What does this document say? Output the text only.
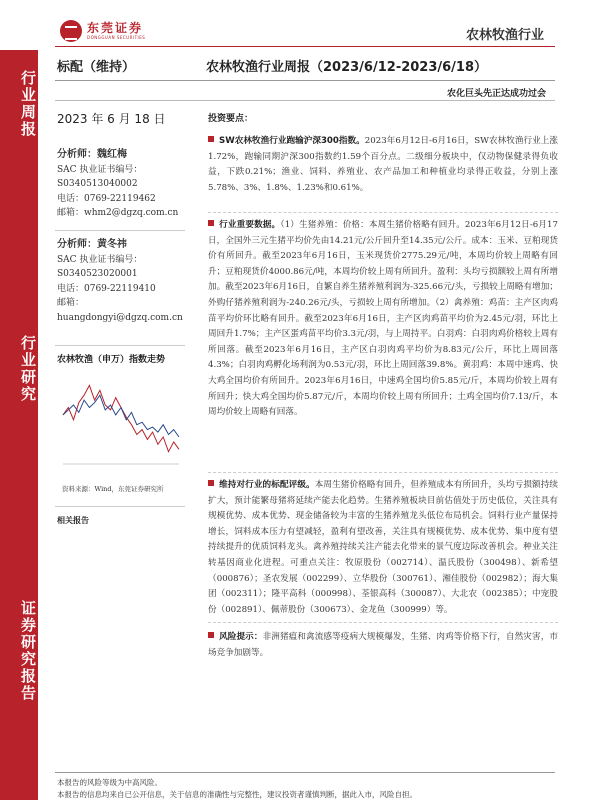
东莞证券
DONGGUAN SECURITIES	农林牧渔行业
行业周报
行业研究
证券研究报告
标配（维持）	农林牧渔行业周报（2023/6/12-2023/6/18）
农化巨头先正达成功过会
2023 年 6 月 18 日
分析师：魏红梅
SAC 执业证书编号：
S0340513040002
电话：0769-22119462
邮箱：whm2@dgzq.com.cn
分析师：黄冬祎
SAC 执业证书编号：
S0340523020001
电话：0769-22119410
邮箱：
huangdongyi@dgzq.com.cn
农林牧渔（申万）指数走势
资料来源：Wind，东莞证券研究所
相关报告
投资要点：
SW农林牧渔行业跑输沪深300指数。2023年6月12日-6月16日，SW农林牧渔行业上涨1.72%，跑输同期沪深300指数约1.59个百分点。二级细分板块中，仅动物保健录得负收益，下跌0.21%；渔业、饲料、养殖业、农产品加工和种植业均录得正收益，分别上涨5.78%、3%、1.8%、1.23%和0.61%。
行业重要数据。（1）生猪养殖：价格：本周生猪价格略有回升。2023年6月12日-6月17日，全国外三元生猪平均价先由14.21元/公斤回升至14.35元/公斤。成本：玉米、豆粕现货价有所回升。截至2023年6月16日，玉米现货价2775.29元/吨，本周均价较上周略有回升；豆粕现货价4000.86元/吨，本周均价较上周有所回升。盈利：头均亏损额较上周有所增加。截至2023年6月16日，自繁自养生猪养殖利润为-325.66元/头，亏损较上周略有增加；外购仔猪养殖利润为-240.26元/头，亏损较上周有所增加。（2）禽养殖：鸡苗：主产区肉鸡苗平均价环比略有回升。截至2023年6月16日，主产区肉鸡苗平均价为2.45元/羽，环比上周回升1.7%；主产区蛋鸡苗平均价3.3元/羽，与上周持平。白羽鸡：白羽肉鸡价格较上周有所回落。截至2023年6月16日，主产区白羽肉鸡平均价为8.83元/公斤，环比上周回落4.3%；白羽肉鸡孵化场利润为0.53元/羽，环比上周回落39.8%。黄羽鸡：本周中速鸡、快大鸡全国均价有所回升。2023年6月16日，中速鸡全国均价5.85元/斤，本周均价较上周有所回升；快大鸡全国均价5.87元/斤，本周均价较上周有所回升；土鸡全国均价7.13/斤，本周均价较上周略有回落。
维持对行业的标配评级。本周生猪价格略有回升，但养殖成本有所回升，头均亏损额持续扩大，预计能繁母猪将延续产能去化趋势。生猪养殖板块目前估值处于历史低位，关注具有规模优势、成本优势、现金储备较为丰富的生猪养殖龙头低位布局机会。饲料行业产量保持增长，饲料成本压力有望减轻，盈利有望改善，关注具有规模优势、成本优势、集中度有望持续提升的优质饲料龙头。禽养殖持续关注产能去化带来的景气度边际改善机会。种业关注转基因商业化进程。可重点关注：牧原股份（002714）、温氏股份（300498）、新希望（000876）；圣农发展（002299）、立华股份（300761）、湘佳股份（002982）；海大集团（002311）；隆平高科（000998）、荃银高科（300087）、大北农（002385）；中宠股份（002891）、佩蒂股份（300673）、金龙鱼（300999）等。
风险提示：非洲猪瘟和禽流感等疫病大规模爆发，生猪、肉鸡等价格下行，自然灾害，市场竞争加剧等。
本报告的风险等级为中高风险。
本报告的信息均来自已公开信息，关于信息的准确性与完整性，建议投资者谨慎判断，据此入市，风险自担。
